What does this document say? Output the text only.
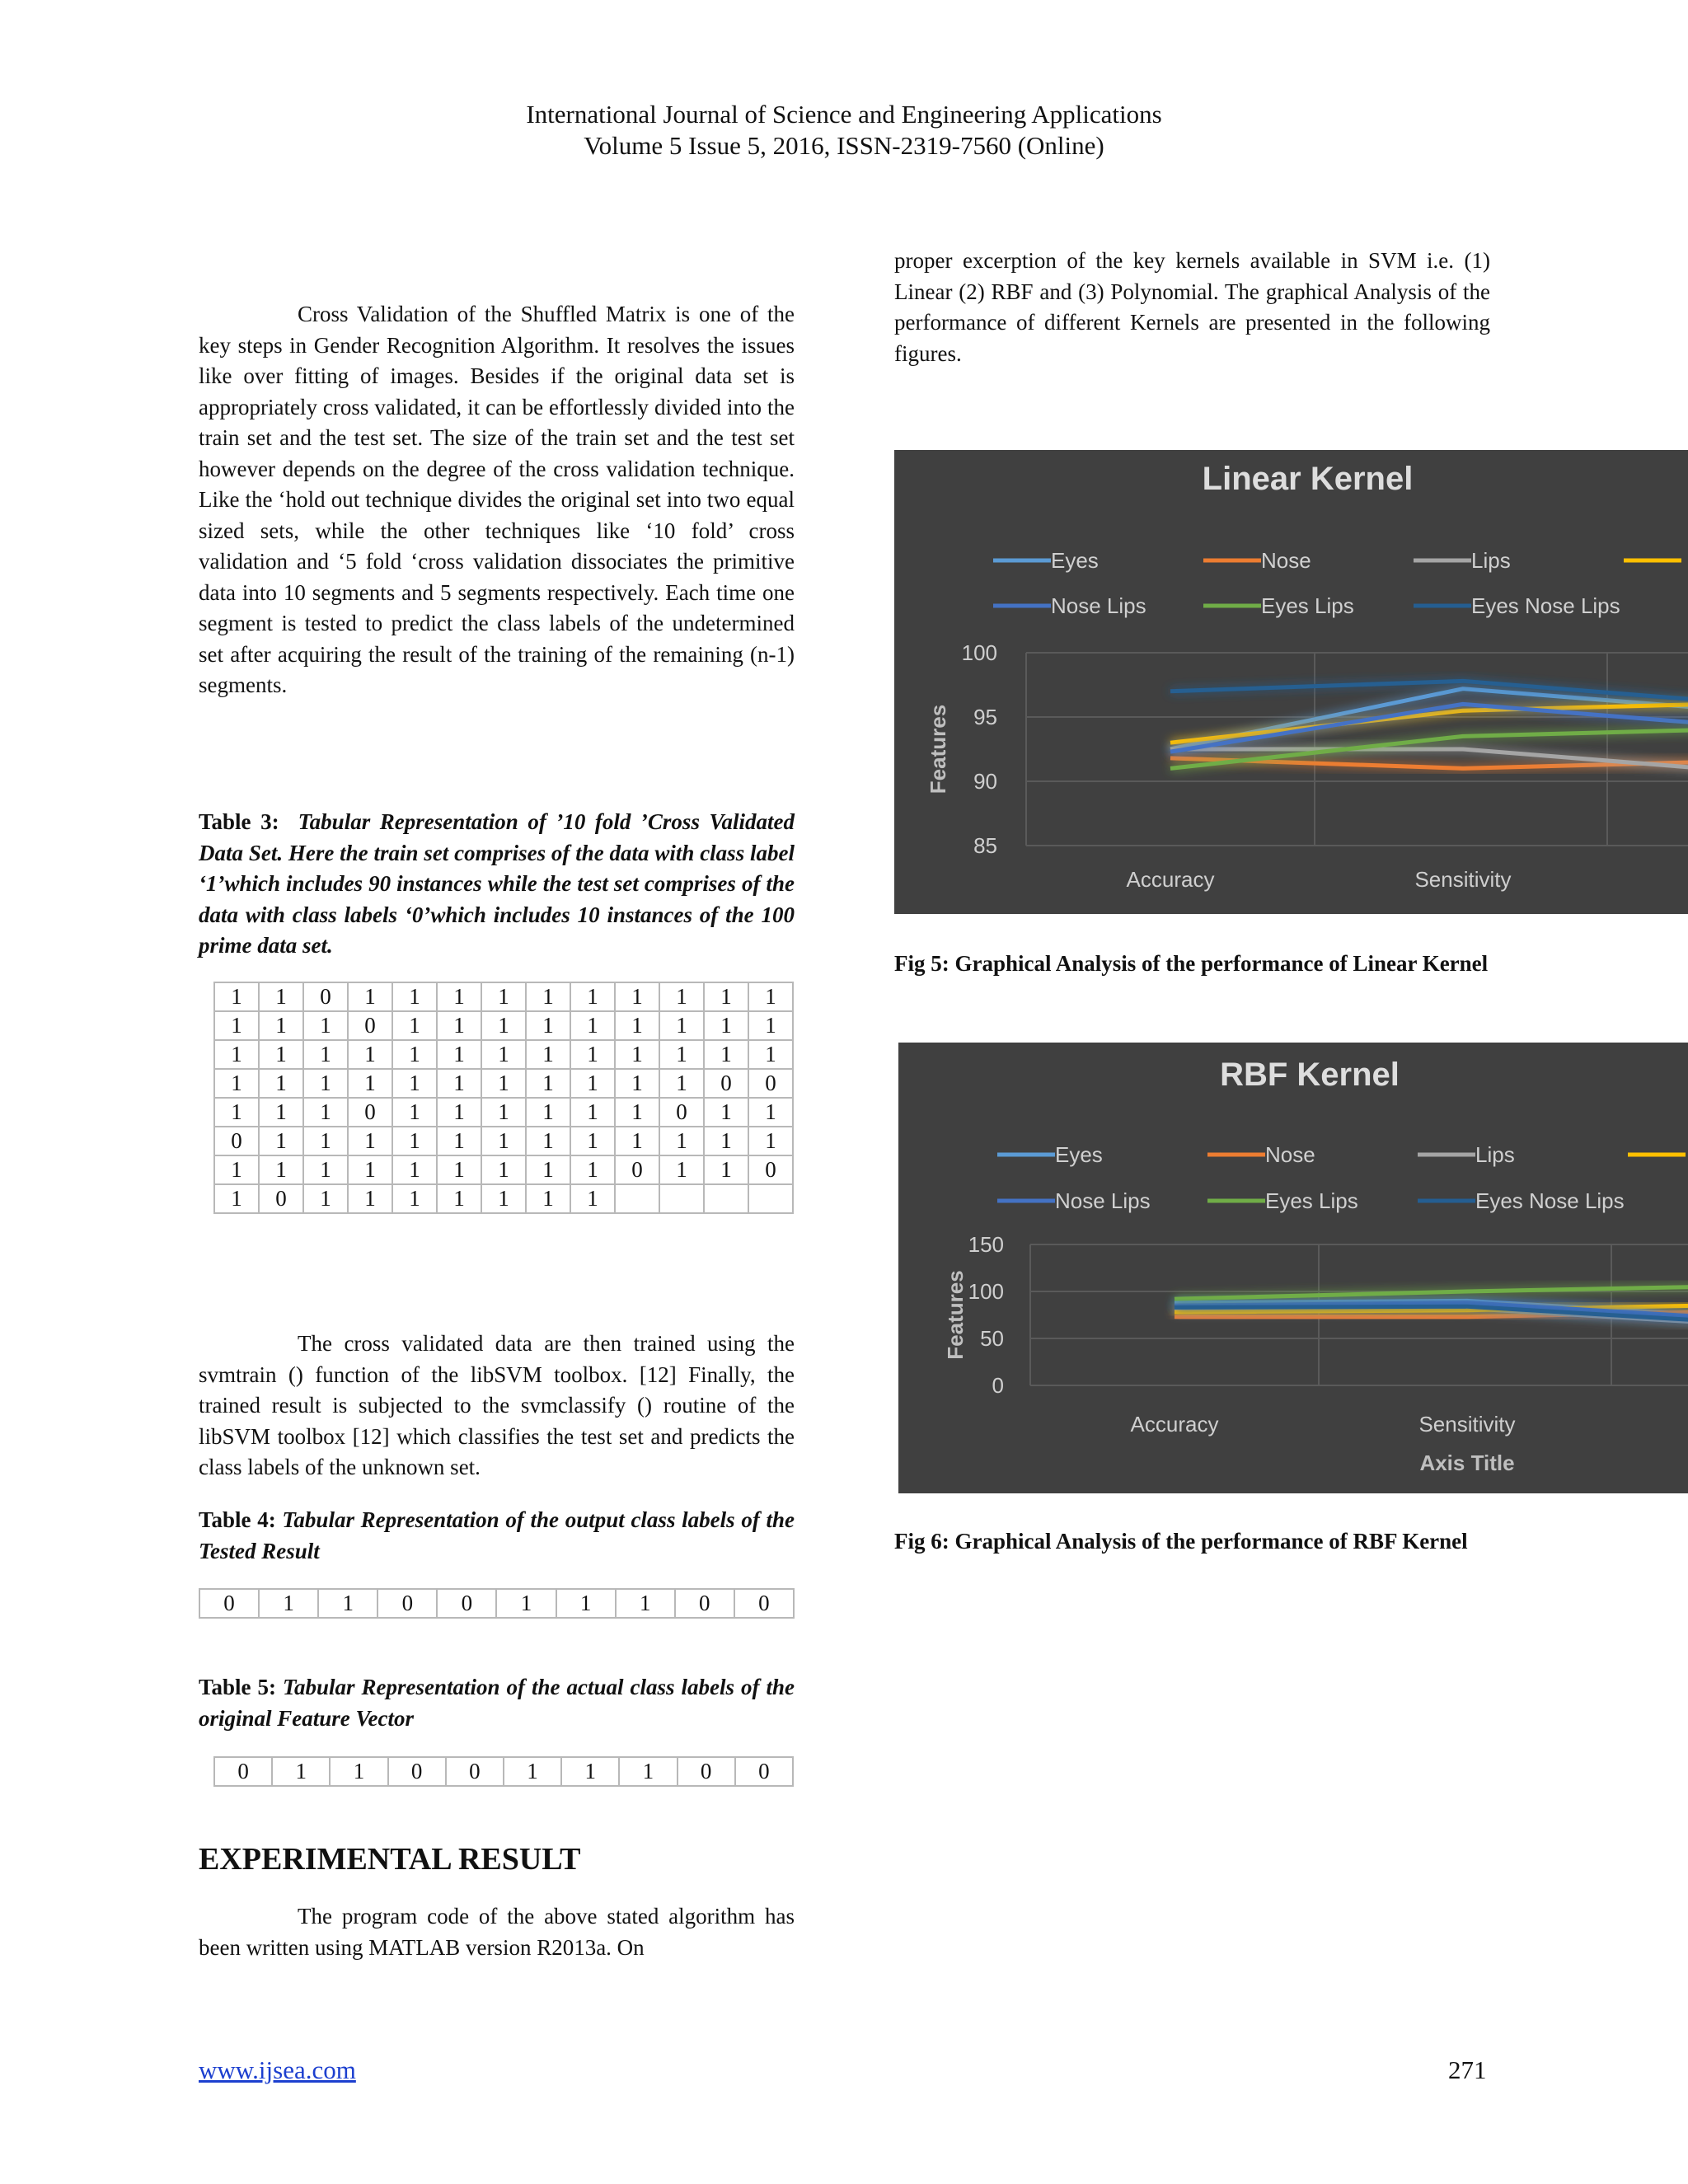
International Journal of Science and Engineering Applications
Volume 5 Issue 5, 2016, ISSN-2319-7560 (Online)

Cross Validation of the Shuffled Matrix is one of the key steps in Gender Recognition Algorithm. It resolves the issues like over fitting of images. Besides if the original data set is appropriately cross validated, it can be effortlessly divided into the train set and the test set. The size of the train set and the test set however depends on the degree of the cross validation technique. Like the ‘hold out technique divides the original set into two equal sized sets, while the other techniques like ‘10 fold’ cross validation and ‘5 fold ‘cross validation dissociates the primitive data into 10 segments and 5 segments respectively. Each time one segment is tested to predict the class labels of the undetermined set after acquiring the result of the training of the remaining (n-1) segments.

Table 3: Tabular Representation of ’10 fold ’Cross Validated Data Set. Here the train set comprises of the data with class label ‘1’which includes 90 instances while the test set comprises of the data with class labels ‘0’which includes 10 instances of the 100 prime data set.

1	1	0	1	1	1	1	1	1	1	1	1	1
1	1	1	0	1	1	1	1	1	1	1	1	1
1	1	1	1	1	1	1	1	1	1	1	1	1
1	1	1	1	1	1	1	1	1	1	1	0	0
1	1	1	0	1	1	1	1	1	1	0	1	1
0	1	1	1	1	1	1	1	1	1	1	1	1
1	1	1	1	1	1	1	1	1	0	1	1	0
1	0	1	1	1	1	1	1	1				

The cross validated data are then trained using the svmtrain () function of the libSVM toolbox. [12] Finally, the trained result is subjected to the svmclassify () routine of the libSVM toolbox [12] which classifies the test set and predicts the class labels of the unknown set.

Table 4: Tabular Representation of the output class labels of the Tested Result

0	1	1	0	0	1	1	1	0	0

Table 5: Tabular Representation of the actual class labels of the original Feature Vector

0	1	1	0	0	1	1	1	0	0
EXPERIMENTAL RESULT

The program code of the above stated algorithm has been written using MATLAB version R2013a. On

proper excerption of the key kernels available in SVM i.e. (1) Linear (2) RBF and (3) Polynomial. The graphical Analysis of the performance of different Kernels are presented in the following figures.

Linear Kernel
Eyes	Nose	Lips
Nose Lips	Eyes Lips	Eyes Nose Lips
100
95
90
85
Features
Accuracy	Sensitivity
Fig 5: Graphical Analysis of the performance of Linear Kernel
RBF Kernel
Eyes	Nose	Lips
Nose Lips	Eyes Lips	Eyes Nose Lips
150
100
50
0
Features
Accuracy	Sensitivity
Axis Title
Fig 6: Graphical Analysis of the performance of RBF Kernel
www.ijsea.com	271
